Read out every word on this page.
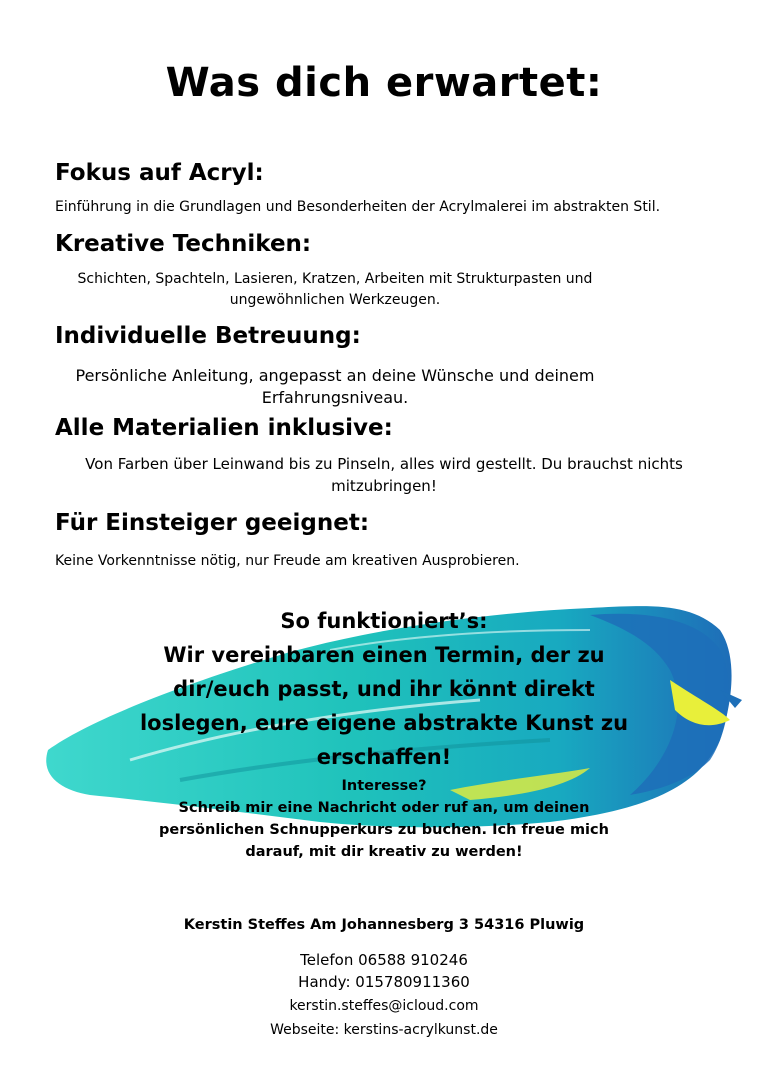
Was dich erwartet:
Fokus auf Acryl:
Einführung in die Grundlagen und Besonderheiten der Acrylmalerei im abstrakten Stil.
Kreative Techniken:
Schichten, Spachteln, Lasieren, Kratzen, Arbeiten mit Strukturpasten und
ungewöhnlichen Werkzeugen.
Individuelle Betreuung:
Persönliche Anleitung, angepasst an deine Wünsche und deinem
Erfahrungsniveau.
Alle Materialien inklusive:
Von Farben über Leinwand bis zu Pinseln, alles wird gestellt. Du brauchst nichts
mitzubringen!
Für Einsteiger geeignet:
Keine Vorkenntnisse nötig, nur Freude am kreativen Ausprobieren.
So funktioniert’s:
Wir vereinbaren einen Termin, der zu
dir/euch passt, und ihr könnt direkt
loslegen, eure eigene abstrakte Kunst zu
erschaffen!
Interesse?
Schreib mir eine Nachricht oder ruf an, um deinen
persönlichen Schnupperkurs zu buchen. Ich freue mich
darauf, mit dir kreativ zu werden!
Kerstin Steffes Am Johannesberg 3 54316 Pluwig
Telefon 06588 910246
Handy: 015780911360
kerstin.steffes@icloud.com
Webseite: kerstins-acrylkunst.de
